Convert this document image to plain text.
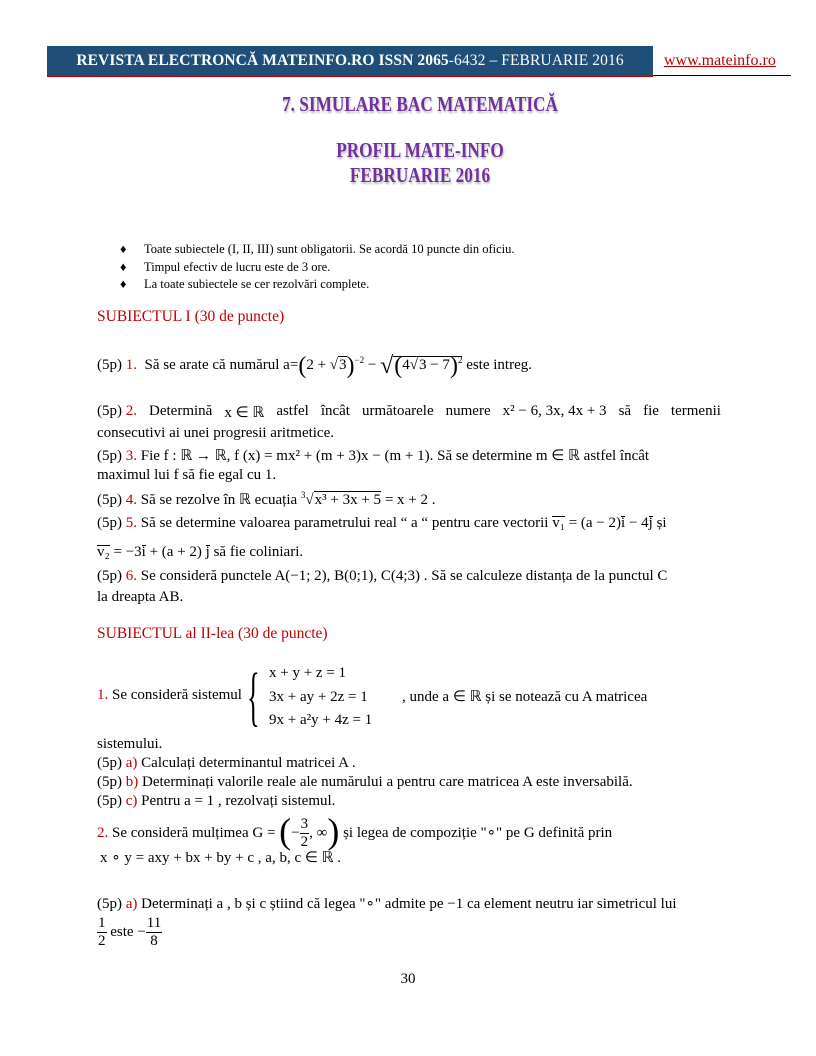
REVISTA ELECTRONCĂ MATEINFO.RO ISSN 2065-6432 – FEBRUARIE 2016	www.mateinfo.ro
7. SIMULARE BAC MATEMATICĂ
PROFIL MATE-INFO
FEBRUARIE 2016
♦ Toate subiectele (I, II, III) sunt obligatorii. Se acordă 10 puncte din oficiu.
♦ Timpul efectiv de lucru este de 3 ore.
♦ La toate subiectele se cer rezolvări complete.
SUBIECTUL I (30 de puncte)
(5p) 1. Să se arate că numărul $a=(2 + √3)^{-2} - √(4√3 - 7)^2$ este intreg.
(5p) 2. Determină x ∈ ℝ astfel încât următoarele numere x² − 6, 3x, 4x + 3 să fie termenii
consecutivi ai unei progresii aritmetice.
(5p) 3. Fie f : ℝ → ℝ, f (x) = mx² + (m + 3)x − (m + 1). Să se determine m ∈ ℝ astfel încât
maximul lui f să fie egal cu 1.
(5p) 4. Să se rezolve în ℝ ecuația $^3$√x³ + 3x + 5 = x + 2 .
(5p) 5. Să se determine valoarea parametrului real “ a “ pentru care vectorii v₁ = (a − 2)i − 4j și
v₂ = −3i + (a + 2) j să fie coliniari.
(5p) 6. Se consideră punctele A(−1; 2), B(0;1), C(4;3) . Să se calculeze distanța de la punctul C
la dreapta AB.
SUBIECTUL al II-lea (30 de puncte)
1. Se consideră sistemul { x + y + z = 1
3x + ay + 2z = 1
9x + a²y + 4z = 1
, unde a ∈ ℝ și se notează cu A matricea
sistemului.
(5p) a) Calculați determinantul matricei A .
(5p) b) Determinați valorile reale ale numărului a pentru care matricea A este inversabilă.
(5p) c) Pentru a = 1 , rezolvați sistemul.
2. Se consideră mulțimea G = (− $\frac{3}{2}$ , ∞) și legea de compoziție "∘" pe G definită prin
x ∘ y = axy + bx + by + c , a, b, c ∈ ℝ .
(5p) a) Determinați a , b și c știind că legea "∘" admite pe −1 ca element neutru iar simetricul lui
$\frac{1}{2}$ este − $\frac{11}{8}$
30
